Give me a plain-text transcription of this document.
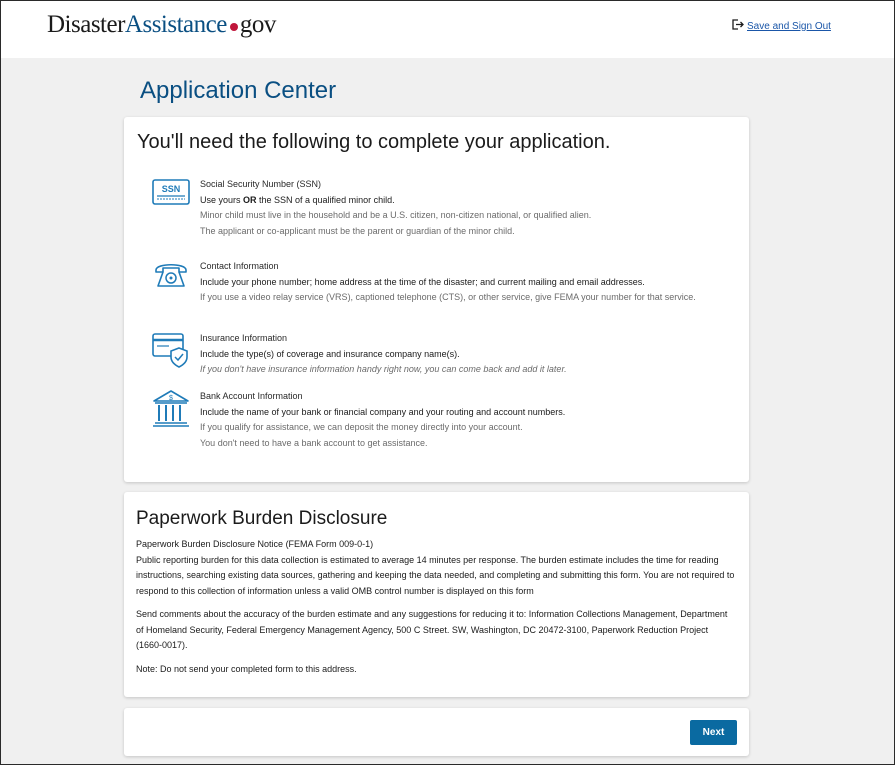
DisasterAssistance gov	Save and Sign Out
Application Center
You'll need the following to complete your application.
SSN Social Security Number (SSN)
Use yours OR the SSN of a qualified minor child.
Minor child must live in the household and be a U.S. citizen, non-citizen national, or qualified alien.
The applicant or co-applicant must be the parent or guardian of the minor child.
Contact Information
Include your phone number; home address at the time of the disaster; and current mailing and email addresses.
If you use a video relay service (VRS), captioned telephone (CTS), or other service, give FEMA your number for that service.
Insurance Information
Include the type(s) of coverage and insurance company name(s).
If you don't have insurance information handy right now, you can come back and add it later.
$	Bank Account Information
Include the name of your bank or financial company and your routing and account numbers.
If you qualify for assistance, we can deposit the money directly into your account.
You don't need to have a bank account to get assistance.
Paperwork Burden Disclosure

Paperwork Burden Disclosure Notice (FEMA Form 009-0-1)
Public reporting burden for this data collection is estimated to average 14 minutes per response. The burden estimate includes the time for reading instructions, searching existing data sources, gathering and keeping the data needed, and completing and submitting this form. You are not required to respond to this collection of information unless a valid OMB control number is displayed on this form

Send comments about the accuracy of the burden estimate and any suggestions for reducing it to: Information Collections Management, Department of Homeland Security, Federal Emergency Management Agency, 500 C Street. SW, Washington, DC 20472-3100, Paperwork Reduction Project (1660-0017).

Note: Do not send your completed form to this address.

Next
